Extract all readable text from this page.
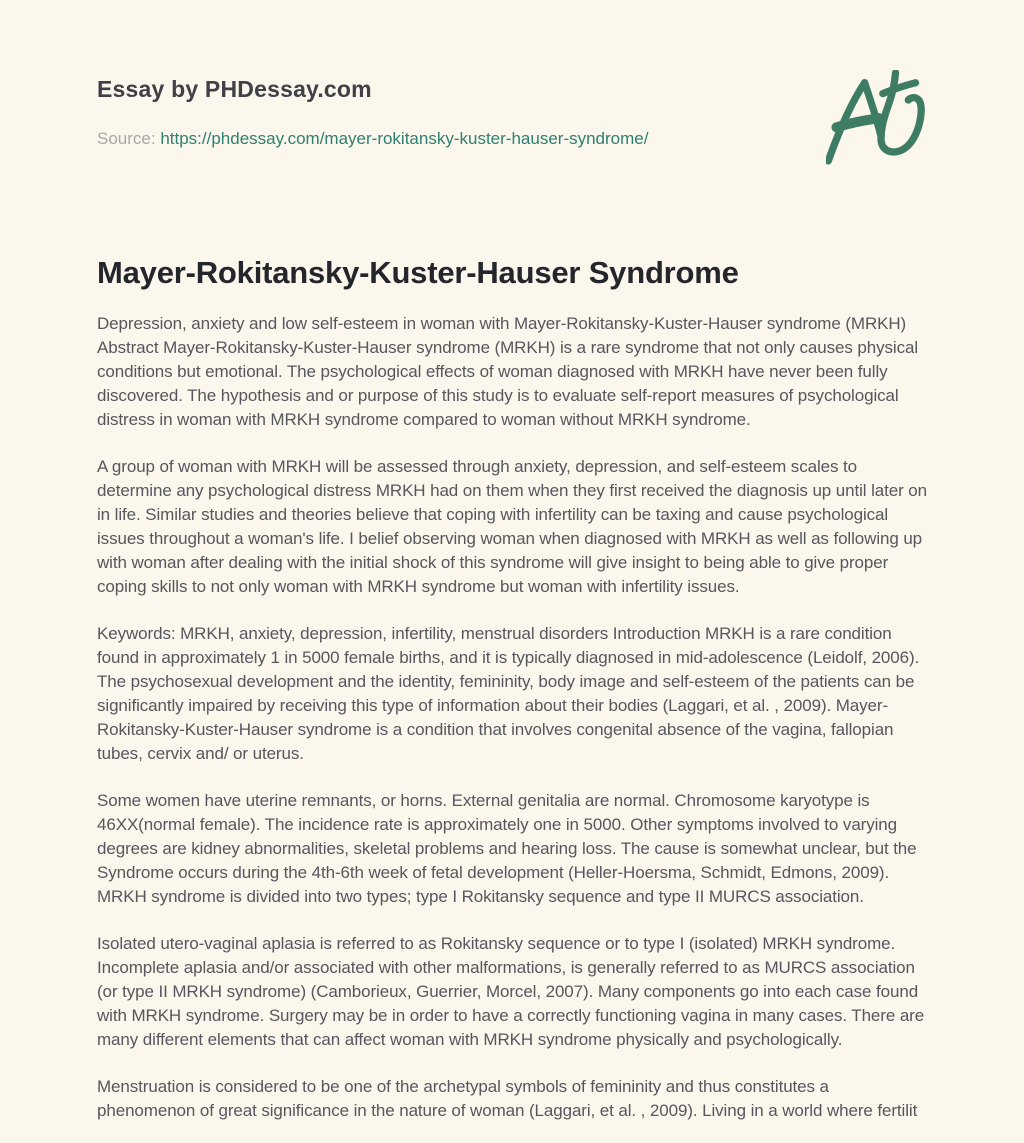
Essay by PHDessay.com
Source: https://phdessay.com/mayer-rokitansky-kuster-hauser-syndrome/
Mayer-Rokitansky-Kuster-Hauser Syndrome

Depression, anxiety and low self-esteem in woman with Mayer-Rokitansky-Kuster-Hauser syndrome (MRKH) Abstract Mayer-Rokitansky-Kuster-Hauser syndrome (MRKH) is a rare syndrome that not only causes physical conditions but emotional. The psychological effects of woman diagnosed with MRKH have never been fully discovered. The hypothesis and or purpose of this study is to evaluate self-report measures of psychological distress in woman with MRKH syndrome compared to woman without MRKH syndrome.

A group of woman with MRKH will be assessed through anxiety, depression, and self-esteem scales to determine any psychological distress MRKH had on them when they first received the diagnosis up until later on in life. Similar studies and theories believe that coping with infertility can be taxing and cause psychological issues throughout a woman's life. I belief observing woman when diagnosed with MRKH as well as following up with woman after dealing with the initial shock of this syndrome will give insight to being able to give proper coping skills to not only woman with MRKH syndrome but woman with infertility issues.

Keywords: MRKH, anxiety, depression, infertility, menstrual disorders Introduction MRKH is a rare condition found in approximately 1 in 5000 female births, and it is typically diagnosed in mid-adolescence (Leidolf, 2006). The psychosexual development and the identity, femininity, body image and self-esteem of the patients can be significantly impaired by receiving this type of information about their bodies (Laggari, et al. , 2009). Mayer-Rokitansky-Kuster-Hauser syndrome is a condition that involves congenital absence of the vagina, fallopian tubes, cervix and/ or uterus.

Some women have uterine remnants, or horns. External genitalia are normal. Chromosome karyotype is 46XX(normal female). The incidence rate is approximately one in 5000. Other symptoms involved to varying degrees are kidney abnormalities, skeletal problems and hearing loss. The cause is somewhat unclear, but the Syndrome occurs during the 4th-6th week of fetal development (Heller-Hoersma, Schmidt, Edmons, 2009). MRKH syndrome is divided into two types; type I Rokitansky sequence and type II MURCS association.

Isolated utero-vaginal aplasia is referred to as Rokitansky sequence or to type I (isolated) MRKH syndrome. Incomplete aplasia and/or associated with other malformations, is generally referred to as MURCS association (or type II MRKH syndrome) (Camborieux, Guerrier, Morcel, 2007). Many components go into each case found with MRKH syndrome. Surgery may be in order to have a correctly functioning vagina in many cases. There are many different elements that can affect woman with MRKH syndrome physically and psychologically.

Menstruation is considered to be one of the archetypal symbols of femininity and thus constitutes a phenomenon of great significance in the nature of woman (Laggari, et al. , 2009). Living in a world where fertilit
